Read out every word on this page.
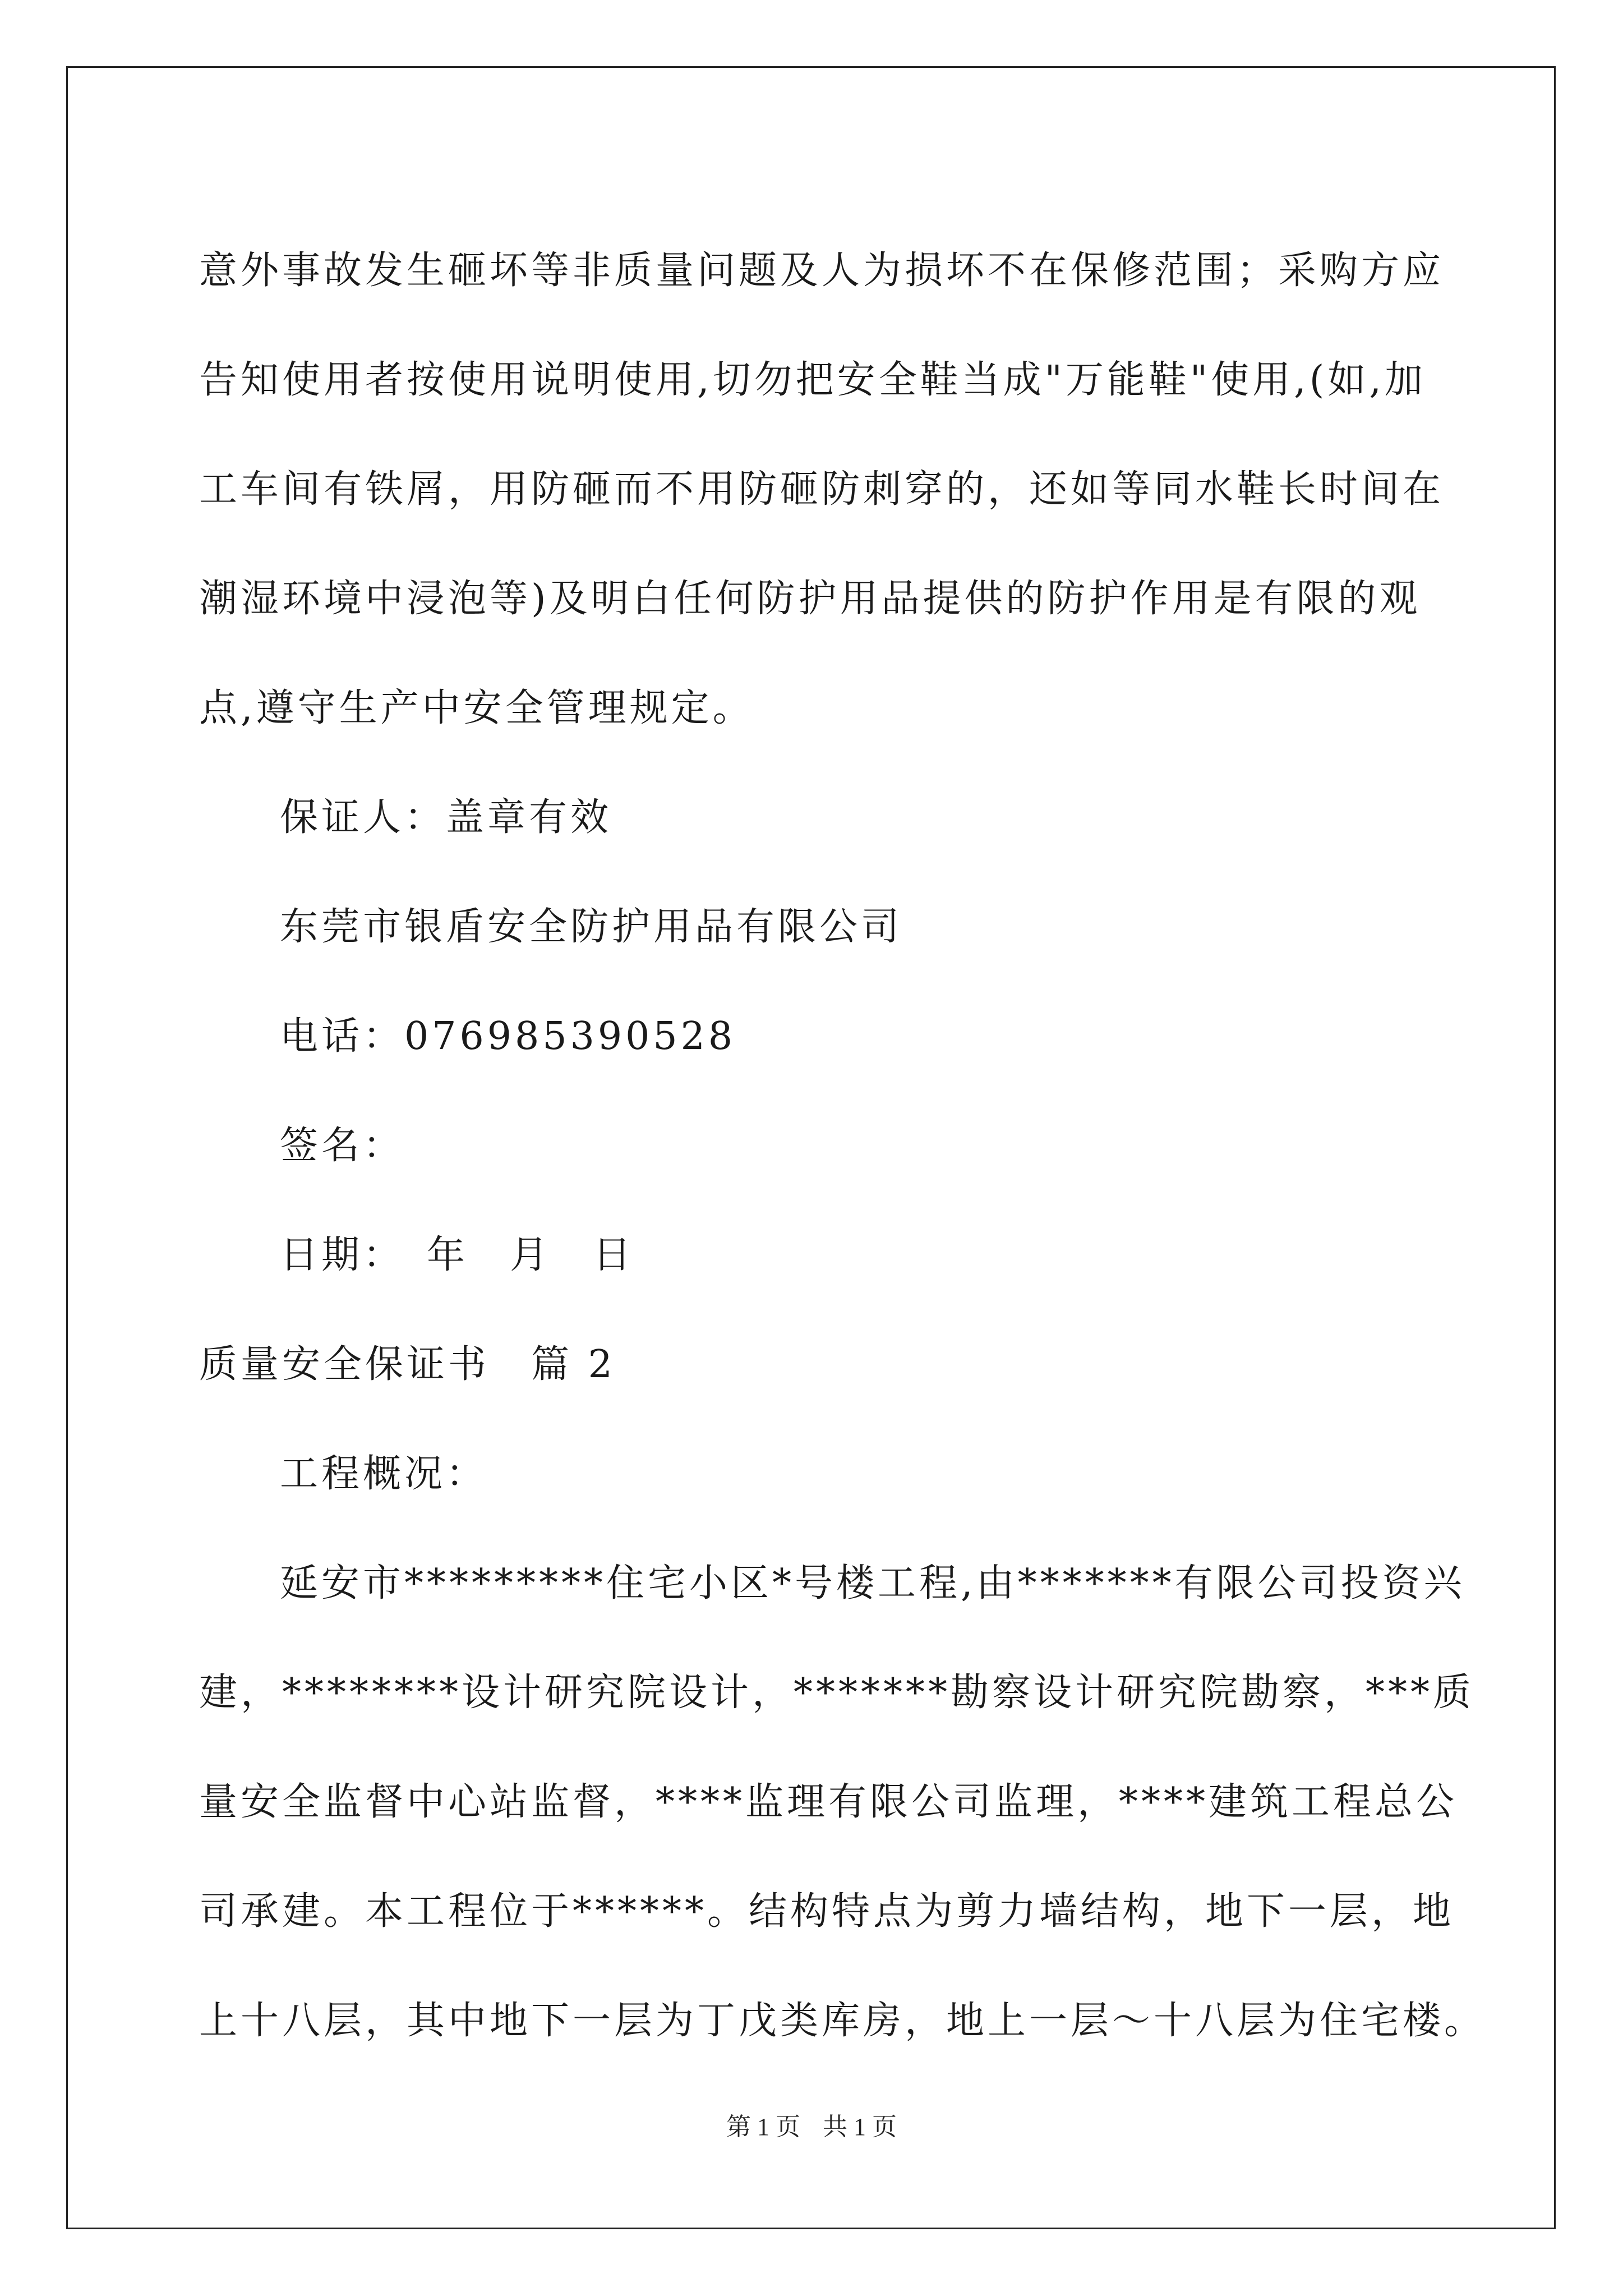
意外事故发生砸坏等非质量问题及人为损坏不在保修范围；采购方应
告知使用者按使用说明使用,切勿把安全鞋当成"万能鞋"使用,(如,加
工车间有铁屑，用防砸而不用防砸防刺穿的，还如等同水鞋长时间在
潮湿环境中浸泡等)及明白任何防护用品提供的防护作用是有限的观
点,遵守生产中安全管理规定。
保证人：盖章有效
东莞市银盾安全防护用品有限公司
电话：076985390528
签名：
日期：　年　月　日
质量安全保证书　篇 2
工程概况：
延安市*********住宅小区*号楼工程,由*******有限公司投资兴
建，********设计研究院设计，*******勘察设计研究院勘察，***质
量安全监督中心站监督，****监理有限公司监理，****建筑工程总公
司承建。本工程位于******。结构特点为剪力墙结构，地下一层，地
上十八层，其中地下一层为丁戊类库房，地上一层～十八层为住宅楼。
第 1 页 共 1 页
